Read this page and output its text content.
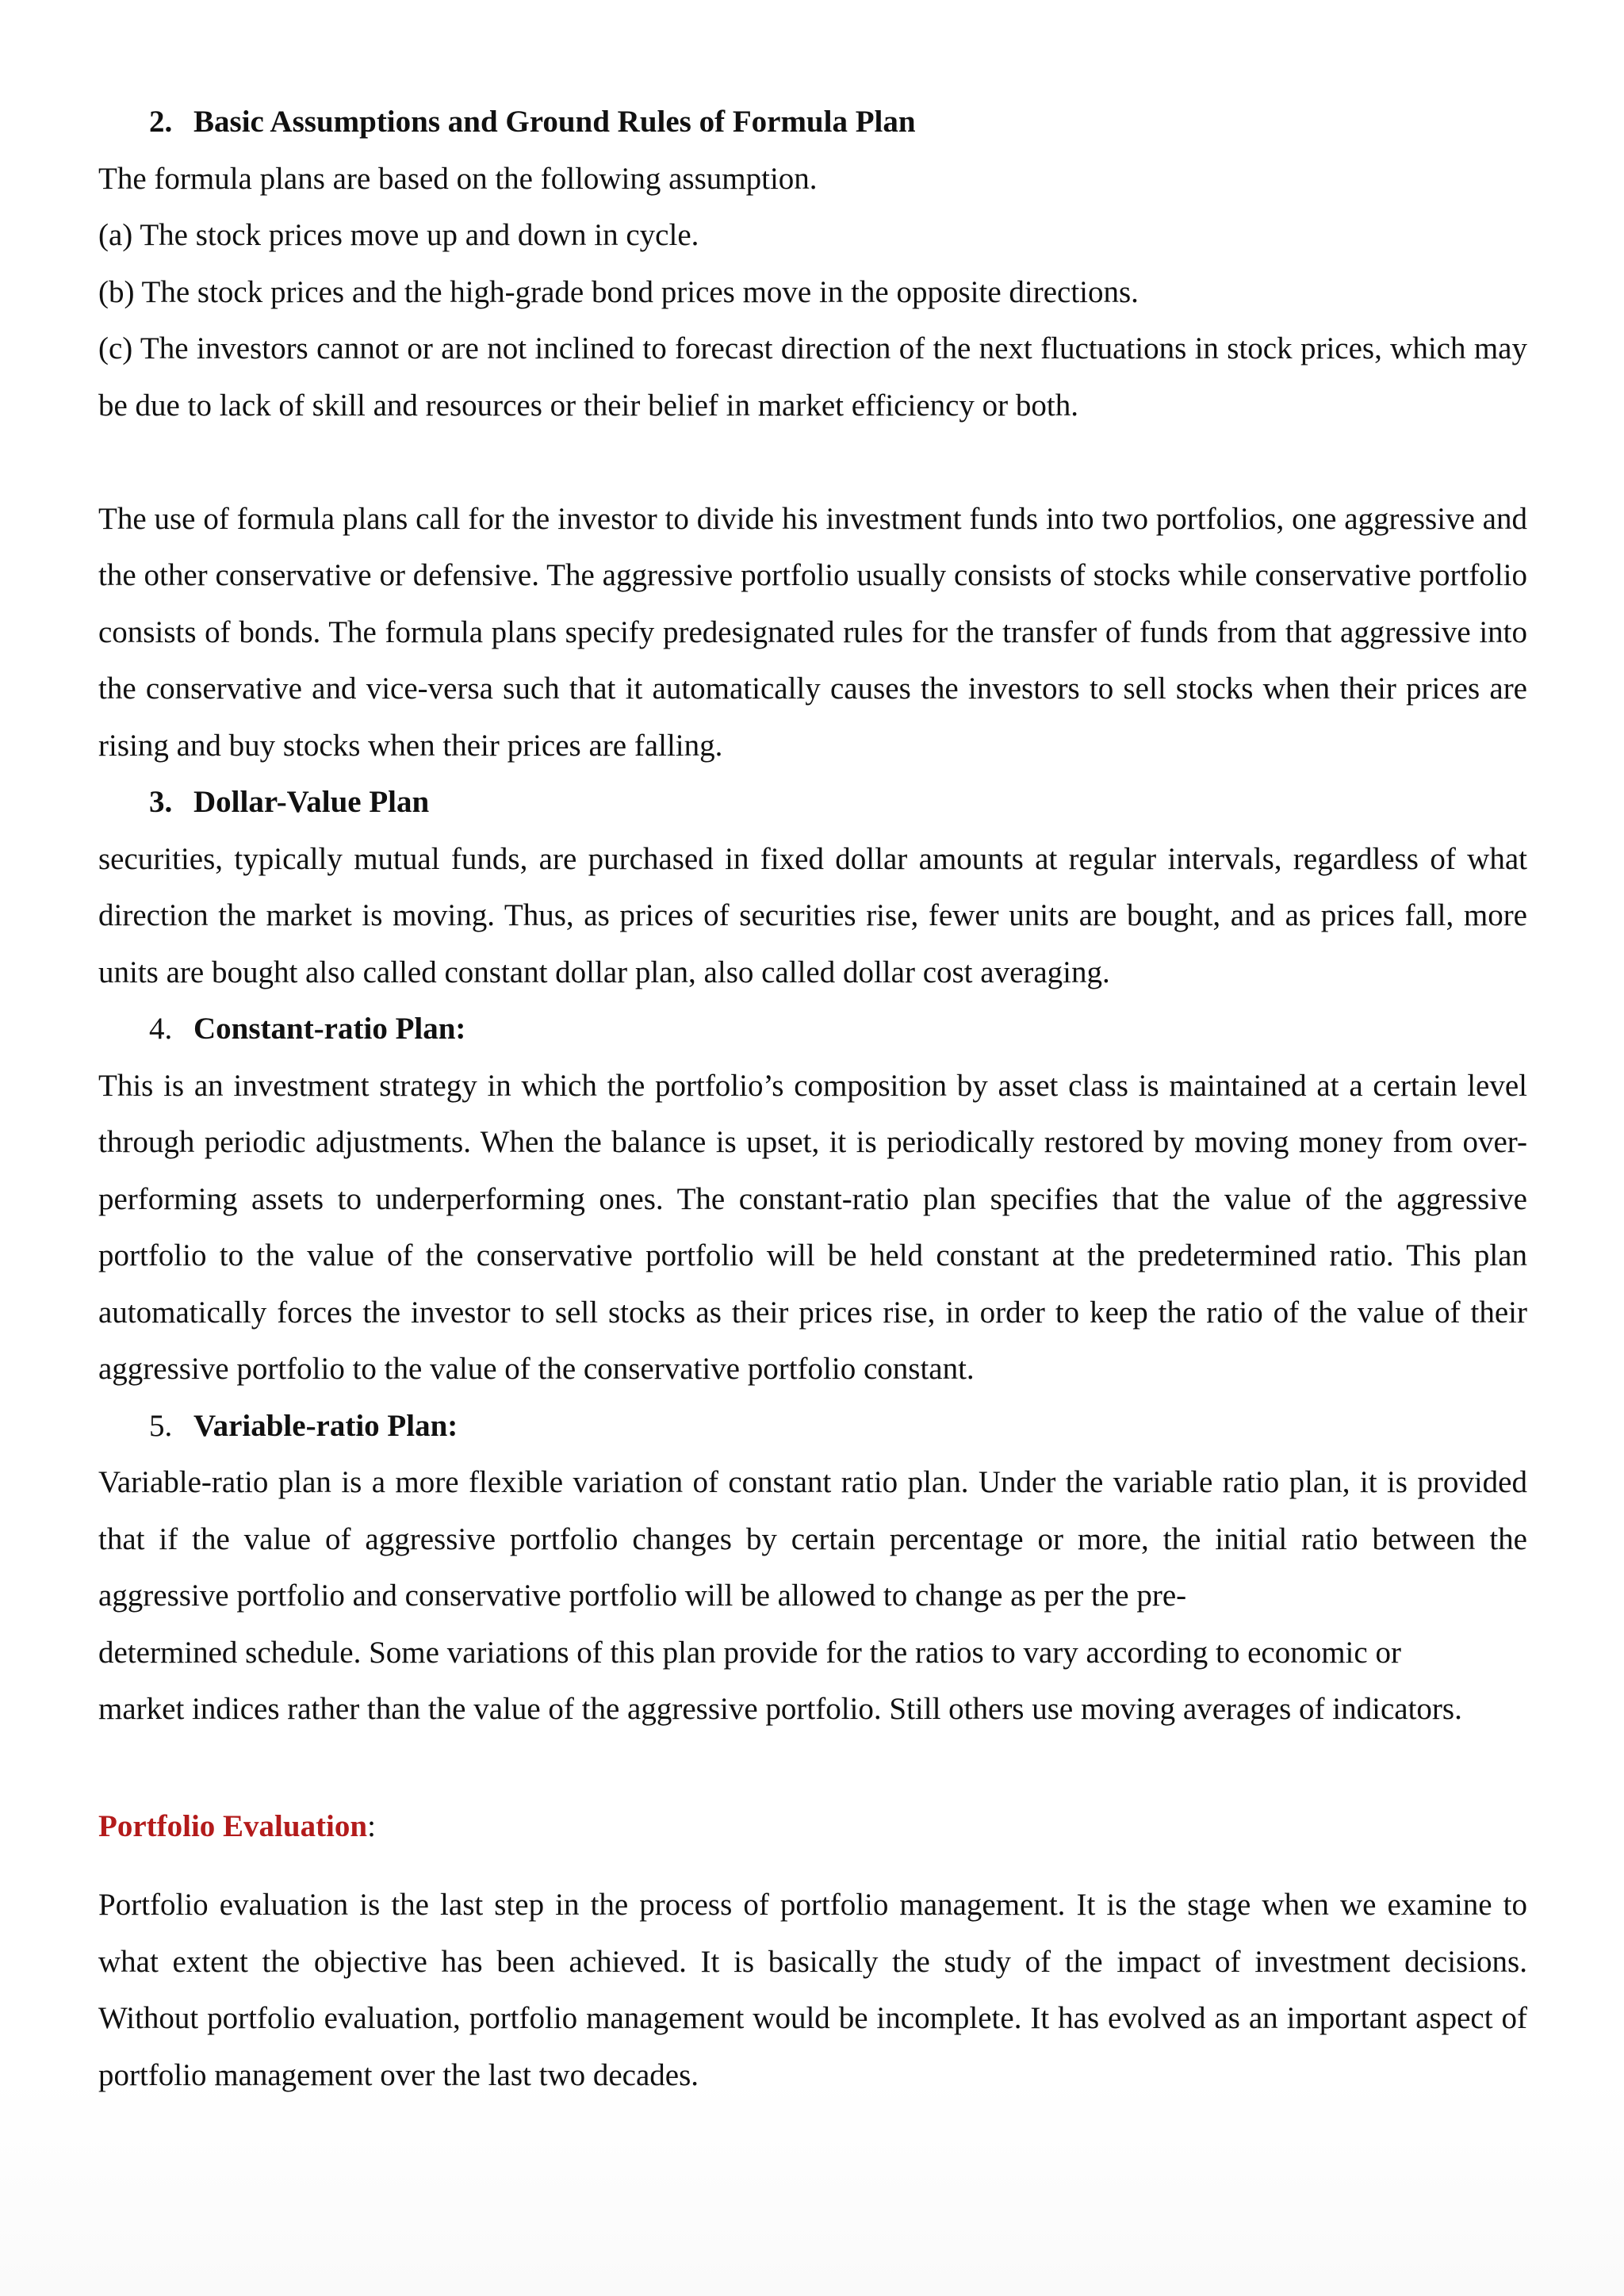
2. Basic Assumptions and Ground Rules of Formula Plan

The formula plans are based on the following assumption.

(a) The stock prices move up and down in cycle.

(b) The stock prices and the high-grade bond prices move in the opposite directions.

(c) The investors cannot or are not inclined to forecast direction of the next fluctuations in stock prices, which may be due to lack of skill and resources or their belief in market efficiency or both.

The use of formula plans call for the investor to divide his investment funds into two portfolios, one aggressive and the other conservative or defensive. The aggressive portfolio usually consists of stocks while conservative portfolio consists of bonds. The formula plans specify predesignated rules for the transfer of funds from that aggressive into the conservative and vice-versa such that it automatically causes the investors to sell stocks when their prices are rising and buy stocks when their prices are falling.

3. Dollar-Value Plan

securities, typically mutual funds, are purchased in fixed dollar amounts at regular intervals, regardless of what direction the market is moving. Thus, as prices of securities rise, fewer units are bought, and as prices fall, more units are bought also called constant dollar plan, also called dollar cost averaging.

4. Constant-ratio Plan:

This is an investment strategy in which the portfolio’s composition by asset class is maintained at a certain level through periodic adjustments. When the balance is upset, it is periodically restored by moving money from over-performing assets to underperforming ones. The constant-ratio plan specifies that the value of the aggressive portfolio to the value of the conservative portfolio will be held constant at the predetermined ratio. This plan automatically forces the investor to sell stocks as their prices rise, in order to keep the ratio of the value of their aggressive portfolio to the value of the conservative portfolio constant.

5. Variable-ratio Plan:

Variable-ratio plan is a more flexible variation of constant ratio plan. Under the variable ratio plan, it is provided that if the value of aggressive portfolio changes by certain percentage or more, the initial ratio between the aggressive portfolio and conservative portfolio will be allowed to change as per the pre-

determined schedule. Some variations of this plan provide for the ratios to vary according to economic or

market indices rather than the value of the aggressive portfolio. Still others use moving averages of indicators.

Portfolio Evaluation:

Portfolio evaluation is the last step in the process of portfolio management. It is the stage when we examine to what extent the objective has been achieved. It is basically the study of the impact of investment decisions. Without portfolio evaluation, portfolio management would be incomplete. It has evolved as an important aspect of portfolio management over the last two decades.
